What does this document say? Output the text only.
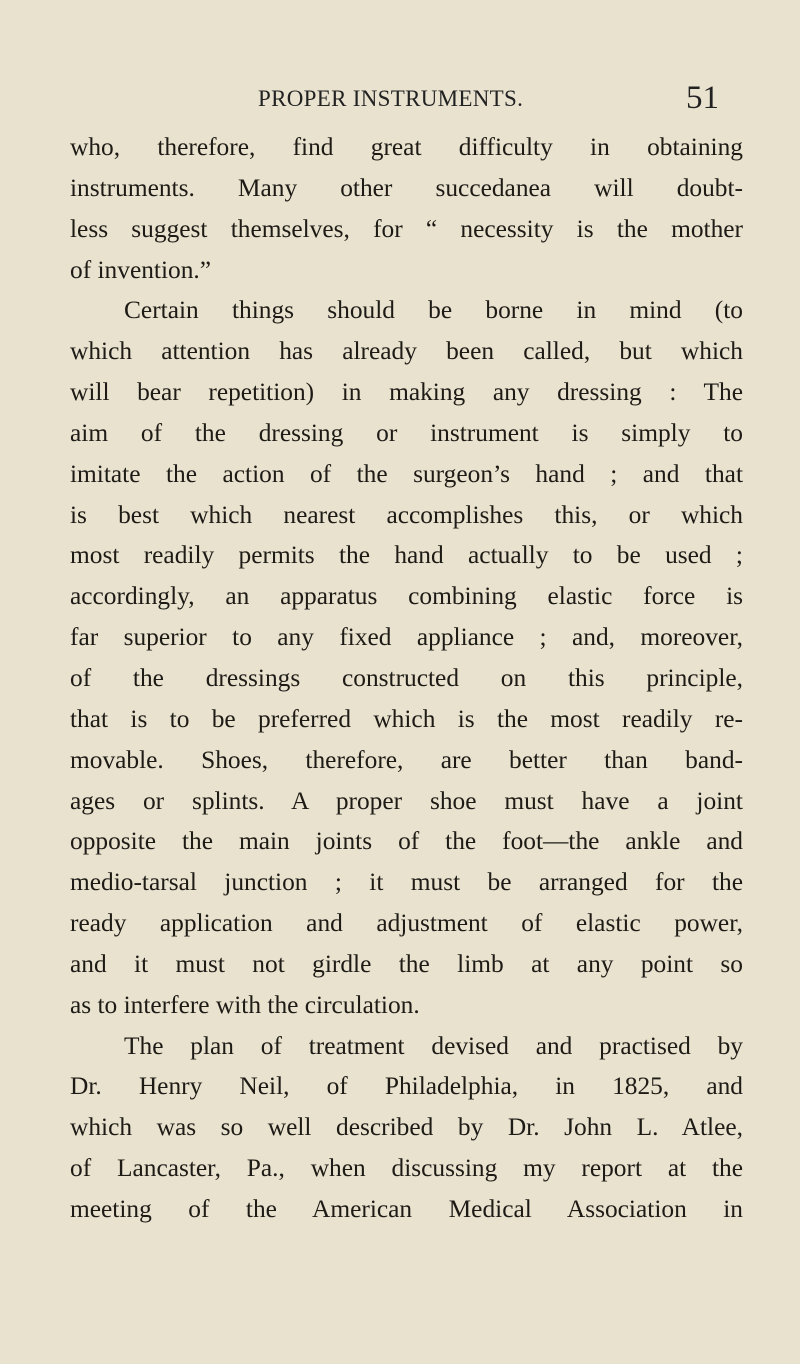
PROPER INSTRUMENTS.	51
who, therefore, find great difficulty in obtaining
instruments. Many other succedanea will doubt-
less suggest themselves, for “ necessity is the mother
of invention.”
Certain things should be borne in mind (to
which attention has already been called, but which
will bear repetition) in making any dressing : The
aim of the dressing or instrument is simply to
imitate the action of the surgeon’s hand ; and that
is best which nearest accomplishes this, or which
most readily permits the hand actually to be used ;
accordingly, an apparatus combining elastic force is
far superior to any fixed appliance ; and, moreover,
of the dressings constructed on this principle,
that is to be preferred which is the most readily re-
movable. Shoes, therefore, are better than band-
ages or splints. A proper shoe must have a joint
opposite the main joints of the foot—the ankle and
medio-tarsal junction ; it must be arranged for the
ready application and adjustment of elastic power,
and it must not girdle the limb at any point so
as to interfere with the circulation.
The plan of treatment devised and practised by
Dr. Henry Neil, of Philadelphia, in 1825, and
which was so well described by Dr. John L. Atlee,
of Lancaster, Pa., when discussing my report at the
meeting of the American Medical Association in
